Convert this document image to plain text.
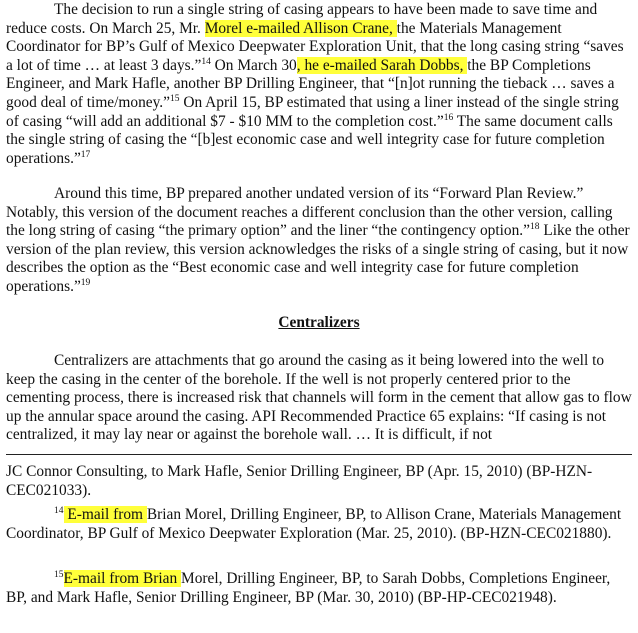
The decision to run a single string of casing appears to have been made to save time and reduce costs. On March 25, Mr. Morel e-mailed Allison Crane, the Materials Management Coordinator for BP’s Gulf of Mexico Deepwater Exploration Unit, that the long casing string “saves a lot of time … at least 3 days.”$^{14}$ On March 30, he e-mailed Sarah Dobbs, the BP Completions Engineer, and Mark Hafle, another BP Drilling Engineer, that “[n]ot running the tieback … saves a good deal of time/money.”$^{15}$ On April 15, BP estimated that using a liner instead of the single string of casing “will add an additional $7 - $10 MM to the completion cost.”$^{16}$ The same document calls the single string of casing the “[b]est economic case and well integrity case for future completion operations.”$^{17}$

Around this time, BP prepared another undated version of its “Forward Plan Review.” Notably, this version of the document reaches a different conclusion than the other version, calling the long string of casing “the primary option” and the liner “the contingency option.”$^{18}$ Like the other version of the plan review, this version acknowledges the risks of a single string of casing, but it now describes the option as the “Best economic case and well integrity case for future completion operations.”$^{19}$

Centralizers

Centralizers are attachments that go around the casing as it being lowered into the well to keep the casing in the center of the borehole. If the well is not properly centered prior to the cementing process, there is increased risk that channels will form in the cement that allow gas to flow up the annular space around the casing. API Recommended Practice 65 explains: “If casing is not centralized, it may lay near or against the borehole wall. … It is difficult, if not

JC Connor Consulting, to Mark Hafle, Senior Drilling Engineer, BP (Apr. 15, 2010) (BP-HZN-CEC021033).

$^{14}$ E-mail from Brian Morel, Drilling Engineer, BP, to Allison Crane, Materials Management Coordinator, BP Gulf of Mexico Deepwater Exploration (Mar. 25, 2010). (BP-HZN-CEC021880).

$^{15}$E-mail from Brian Morel, Drilling Engineer, BP, to Sarah Dobbs, Completions Engineer, BP, and Mark Hafle, Senior Drilling Engineer, BP (Mar. 30, 2010) (BP-HP-CEC021948).
